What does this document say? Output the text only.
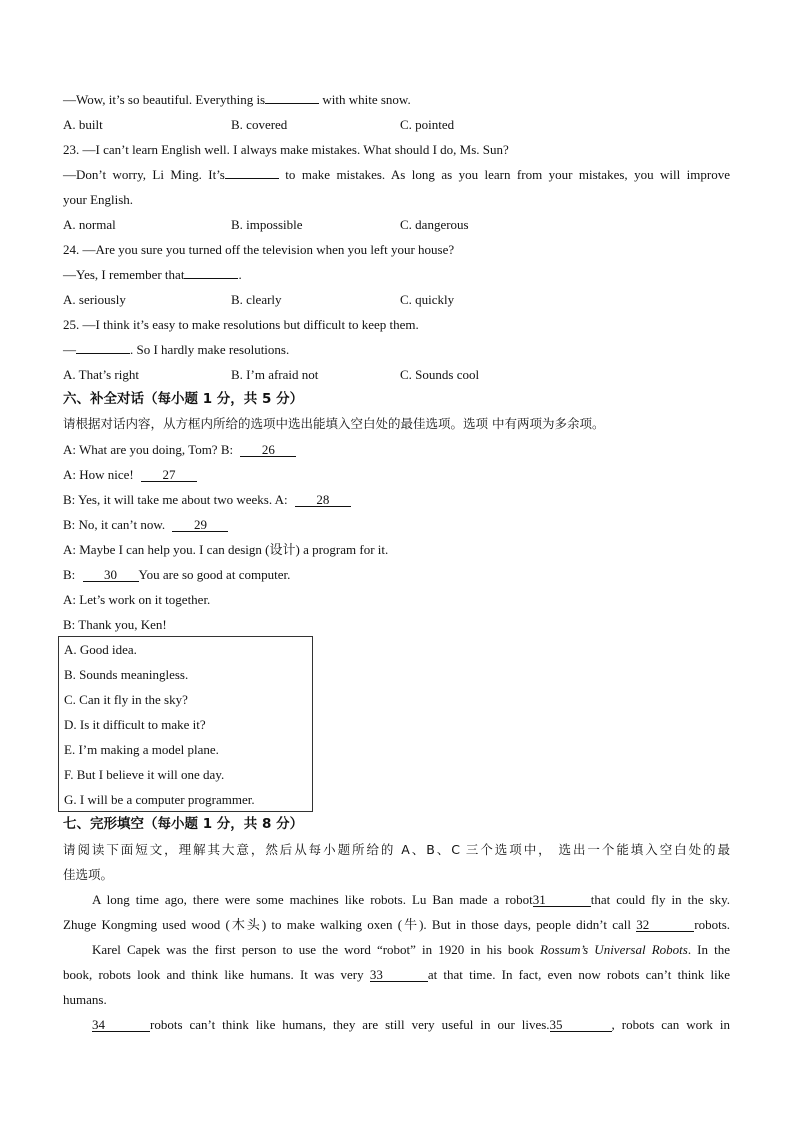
—Wow, it’s so beautiful. Everything is	with white snow.
A. built	B. covered	C. pointed
23. —I can’t learn English well. I always make mistakes. What should I do, Ms. Sun?
—Don’t worry, Li Ming. It’s	to make mistakes. As long as you learn from your mistakes, you will improve
your English.
A. normal	B. impossible	C. dangerous
24. —Are you sure you turned off the television when you left your house?
—Yes, I remember that	.
A. seriously	B. clearly	C. quickly
25. —I think it’s easy to make resolutions but difficult to keep them.
—	. So I hardly make resolutions.
A. That’s right	B. I’m afraid not	C. Sounds cool
六、补全对话（每小题 1 分，共 5 分）
请根据对话内容，从方框内所给的选项中选出能填入空白处的最佳选项。选项 中有两项为多余项。
A: What are you doing, Tom? B: 26
A: How nice! 27
B: Yes, it will take me about two weeks. A: 28
B: No, it can’t now. 29
A: Maybe I can help you. I can design (设计) a program for it.
B: 30 You are so good at computer.
A: Let’s work on it together.
B: Thank you, Ken!
A. Good idea.
B. Sounds meaningless.
C. Can it fly in the sky?
D. Is it difficult to make it?
E. I’m making a model plane.
F. But I believe it will one day.
G. I will be a computer programmer.
七、完形填空（每小题 1 分，共 8 分）
请阅读下面短文，理解其大意，然后从每小题所给的 A、B、C 三个选项中， 选出一个能填入空白处的最
佳选项。
A long time ago, there were some machines like robots. Lu Ban made a robot31	that could fly in the sky.
Zhuge Kongming used wood (木头) to make walking oxen (牛). But in those days, people didn’t call 32	robots.
Karel Capek was the first person to use the word “robot” in 1920 in his book Rossum’s Universal Robots. In the
book, robots look and think like humans. It was very 33	at that time. In fact, even now robots can’t think like
humans.
34	robots can’t think like humans, they are still very useful in our lives.35	, robots can work in
